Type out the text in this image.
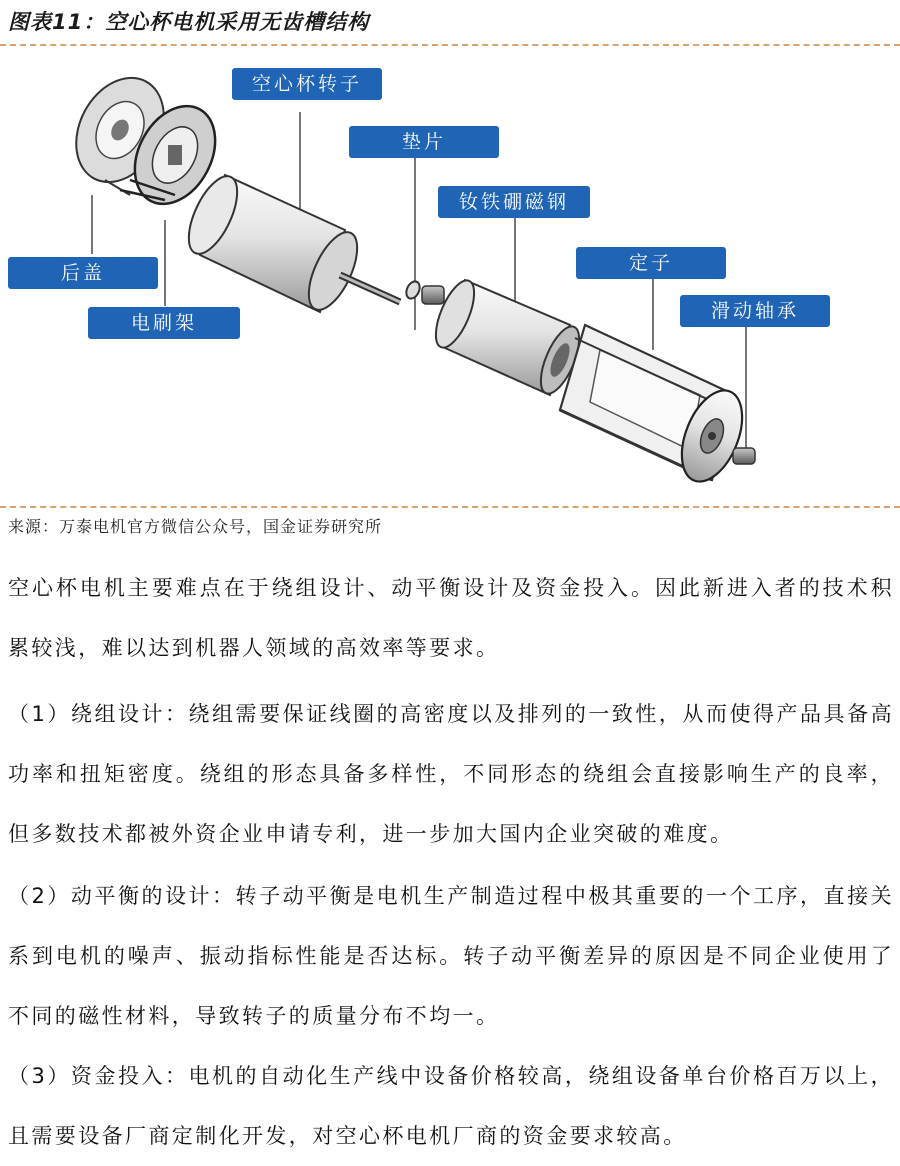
图表11：空心杯电机采用无齿槽结构
空心杯转子
垫片
钕铁硼磁钢
定子
滑动轴承
后盖
电刷架
来源：万泰电机官方微信公众号，国金证券研究所
空心杯电机主要难点在于绕组设计、动平衡设计及资金投入。因此新进入者的技术积累较浅，难以达到机器人领域的高效率等要求。
（1）绕组设计：绕组需要保证线圈的高密度以及排列的一致性，从而使得产品具备高功率和扭矩密度。绕组的形态具备多样性，不同形态的绕组会直接影响生产的良率，但多数技术都被外资企业申请专利，进一步加大国内企业突破的难度。
（2）动平衡的设计：转子动平衡是电机生产制造过程中极其重要的一个工序，直接关系到电机的噪声、振动指标性能是否达标。转子动平衡差异的原因是不同企业使用了不同的磁性材料，导致转子的质量分布不均一。
（3）资金投入：电机的自动化生产线中设备价格较高，绕组设备单台价格百万以上，且需要设备厂商定制化开发，对空心杯电机厂商的资金要求较高。
